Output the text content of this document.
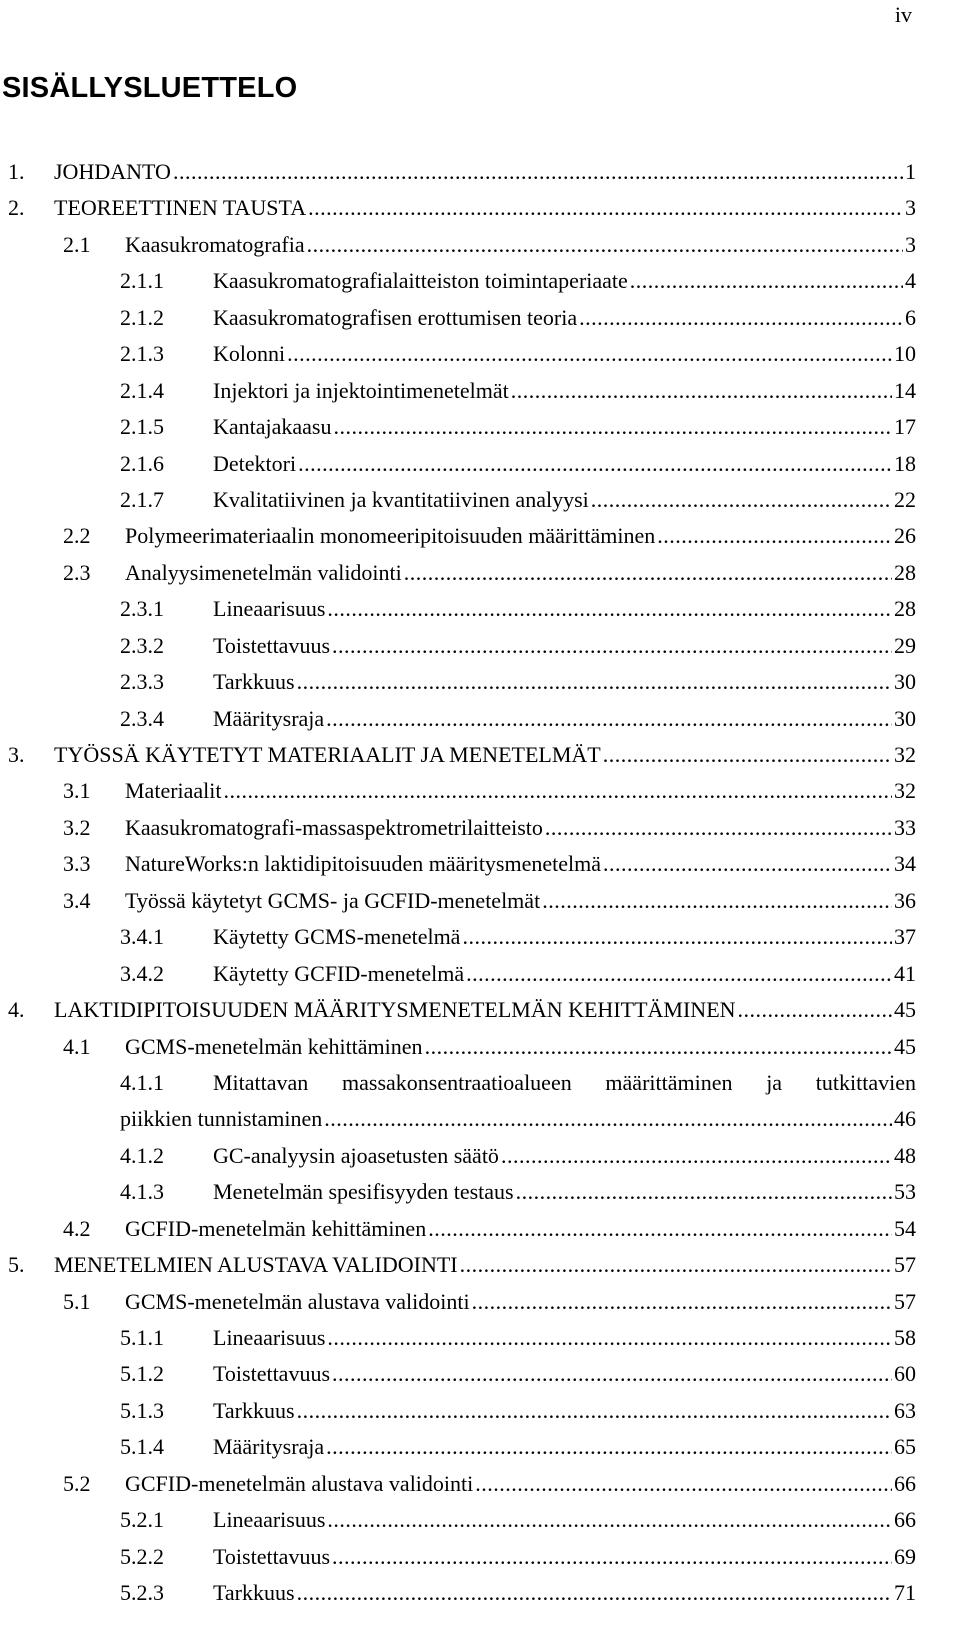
iv
SISÄLLYSLUETTELO
1. JOHDANTO .....	1
2. TEOREETTINEN TAUSTA .....	3
2.1 Kaasukromatografia .....	3
2.1.1 Kaasukromatografialaitteiston toimintaperiaate .....	4
2.1.2 Kaasukromatografisen erottumisen teoria .....	6
2.1.3 Kolonni .....	10
2.1.4 Injektori ja injektointimenetelmät .....	14
2.1.5 Kantajakaasu .....	17
2.1.6 Detektori .....	18
2.1.7 Kvalitatiivinen ja kvantitatiivinen analyysi .....	22
2.2 Polymeerimateriaalin monomeeripitoisuuden määrittäminen .....	26
2.3 Analyysimenetelmän validointi .....	28
2.3.1 Lineaarisuus .....	28
2.3.2 Toistettavuus .....	29
2.3.3 Tarkkuus .....	30
2.3.4 Määritysraja .....	30
3. TYÖSSÄ KÄYTETYT MATERIAALIT JA MENETELMÄT .....	32
3.1 Materiaalit .....	32
3.2 Kaasukromatografi-massaspektrometrilaitteisto .....	33
3.3 NatureWorks:n laktidipitoisuuden määritysmenetelmä .....	34
3.4 Työssä käytetyt GCMS- ja GCFID-menetelmät .....	36
3.4.1 Käytetty GCMS-menetelmä .....	37
3.4.2 Käytetty GCFID-menetelmä .....	41
4. LAKTIDIPITOISUUDEN MÄÄRITYSMENETELMÄN KEHITTÄMINEN .....	45
4.1 GCMS-menetelmän kehittäminen .....	45
4.1.1 Mitattavan massakonsentraatioalueen määrittäminen ja tutkittavien
piikkien tunnistaminen .....	46
4.1.2 GC-analyysin ajoasetusten säätö .....	48
4.1.3 Menetelmän spesifisyyden testaus .....	53
4.2 GCFID-menetelmän kehittäminen .....	54
5. MENETELMIEN ALUSTAVA VALIDOINTI .....	57
5.1 GCMS-menetelmän alustava validointi .....	57
5.1.1 Lineaarisuus .....	58
5.1.2 Toistettavuus .....	60
5.1.3 Tarkkuus .....	63
5.1.4 Määritysraja .....	65
5.2 GCFID-menetelmän alustava validointi .....	66
5.2.1 Lineaarisuus .....	66
5.2.2 Toistettavuus .....	69
5.2.3 Tarkkuus .....	71
